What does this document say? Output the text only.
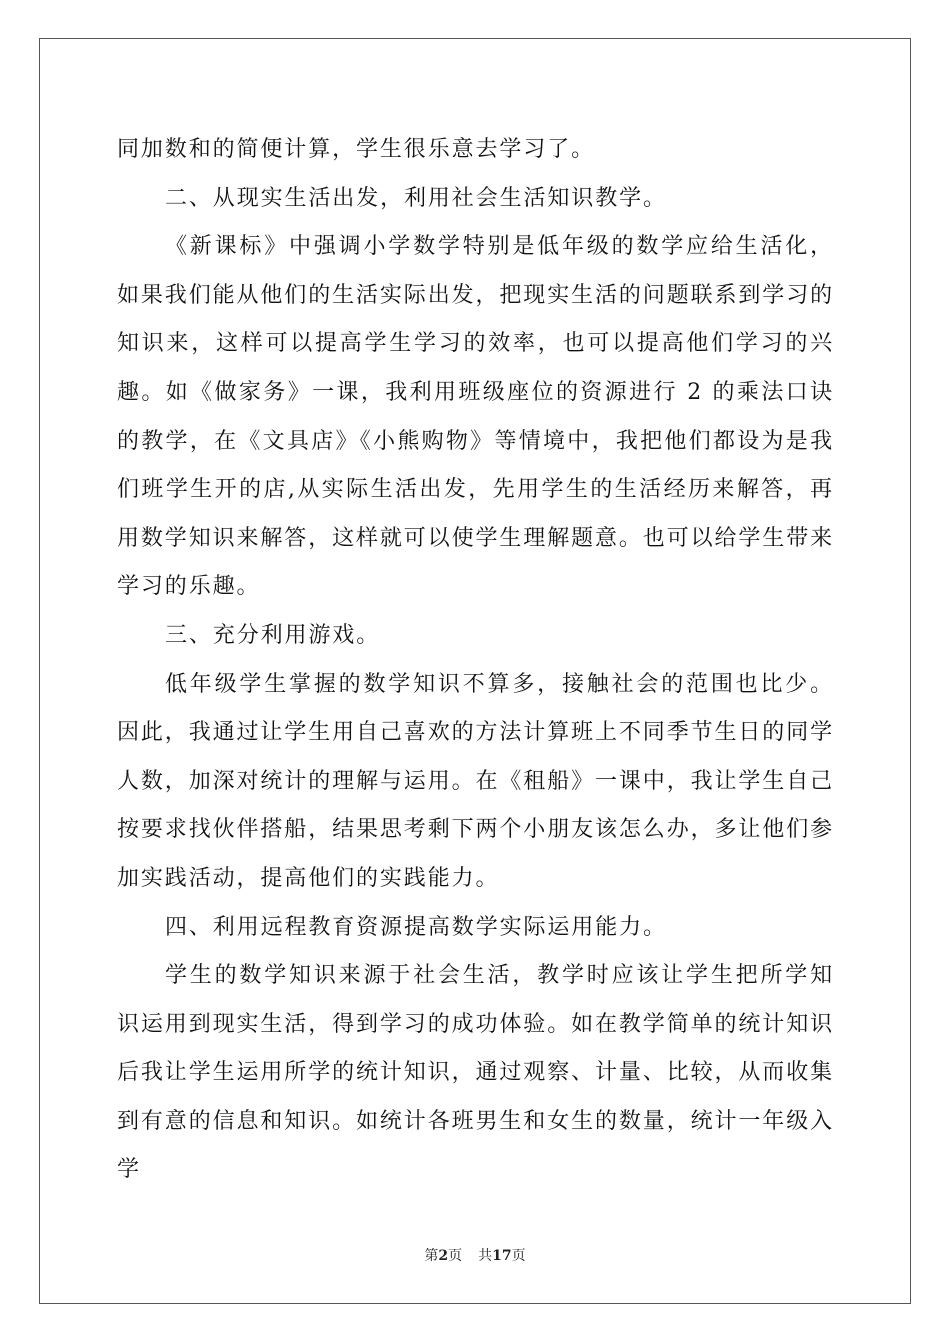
同加数和的简便计算，学生很乐意去学习了。

二、从现实生活出发，利用社会生活知识教学。

《新课标》中强调小学数学特别是低年级的数学应给生活化，如果我们能从他们的生活实际出发，把现实生活的问题联系到学习的知识来，这样可以提高学生学习的效率，也可以提高他们学习的兴趣。如《做家务》一课，我利用班级座位的资源进行 2 的乘法口诀的教学，在《文具店》《小熊购物》等情境中，我把他们都设为是我们班学生开的店,从实际生活出发，先用学生的生活经历来解答，再用数学知识来解答，这样就可以使学生理解题意。也可以给学生带来学习的乐趣。

三、充分利用游戏。

低年级学生掌握的数学知识不算多，接触社会的范围也比少。因此，我通过让学生用自己喜欢的方法计算班上不同季节生日的同学人数，加深对统计的理解与运用。在《租船》一课中，我让学生自己按要求找伙伴搭船，结果思考剩下两个小朋友该怎么办，多让他们参加实践活动，提高他们的实践能力。

四、利用远程教育资源提高数学实际运用能力。

学生的数学知识来源于社会生活，教学时应该让学生把所学知识运用到现实生活，得到学习的成功体验。如在教学简单的统计知识后我让学生运用所学的统计知识，通过观察、计量、比较，从而收集到有意的信息和知识。如统计各班男生和女生的数量，统计一年级入学

第2页 共17页
